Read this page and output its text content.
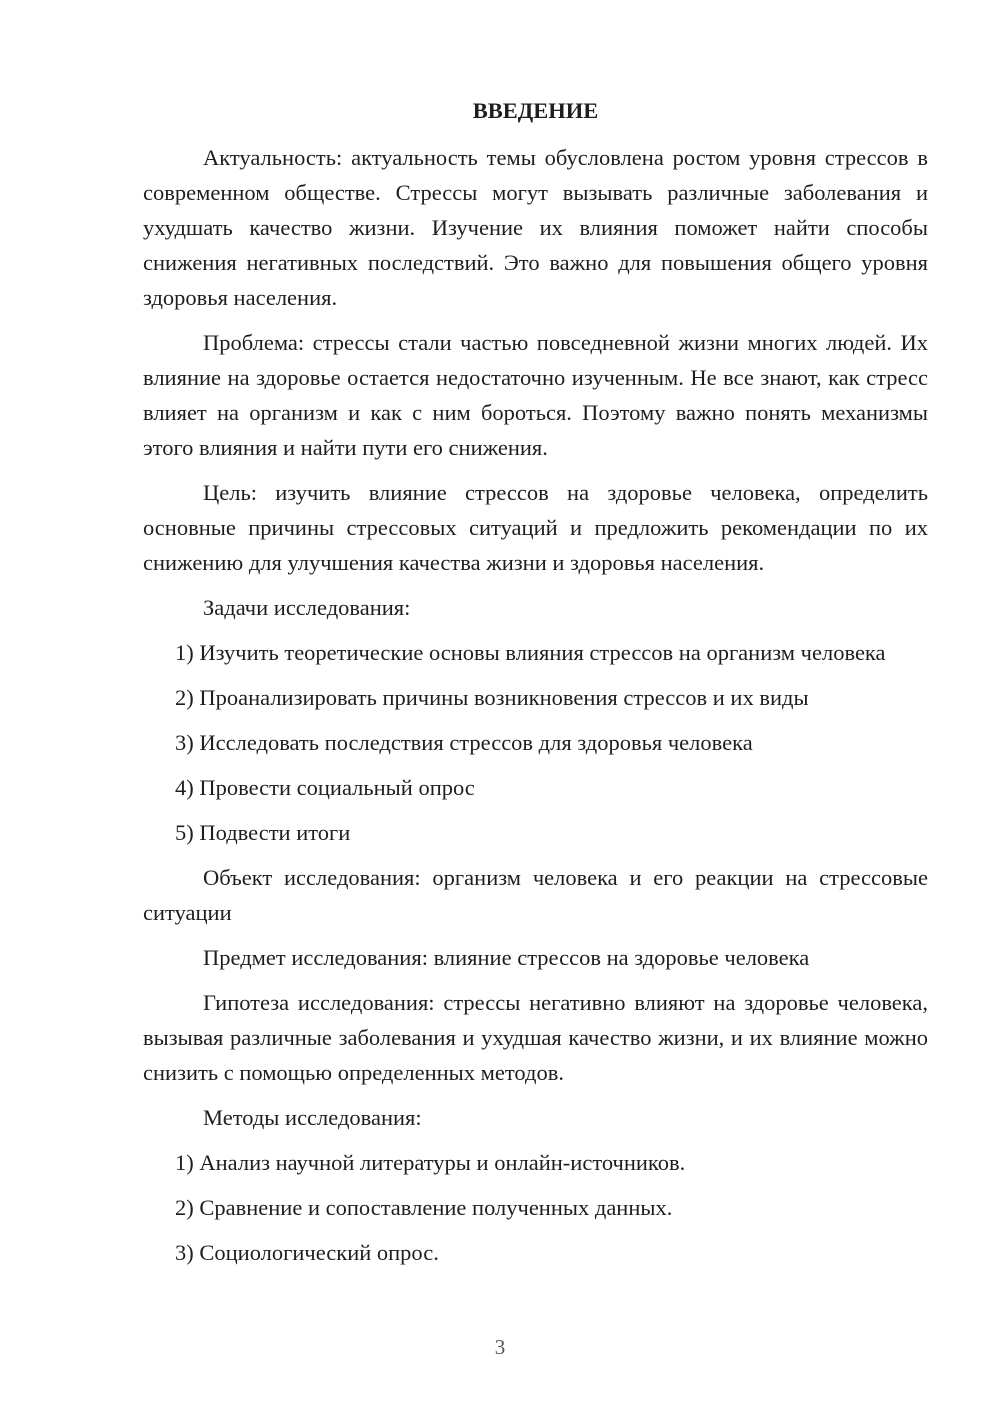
ВВЕДЕНИЕ

Актуальность: актуальность темы обусловлена ростом уровня стрессов в современном обществе. Стрессы могут вызывать различные заболевания и ухудшать качество жизни. Изучение их влияния поможет найти способы снижения негативных последствий. Это важно для повышения общего уровня здоровья населения.

Проблема: стрессы стали частью повседневной жизни многих людей. Их влияние на здоровье остается недостаточно изученным. Не все знают, как стресс влияет на организм и как с ним бороться. Поэтому важно понять механизмы этого влияния и найти пути его снижения.

Цель: изучить влияние стрессов на здоровье человека, определить основные причины стрессовых ситуаций и предложить рекомендации по их снижению для улучшения качества жизни и здоровья населения.

Задачи исследования:

1) Изучить теоретические основы влияния стрессов на организм человека

2) Проанализировать причины возникновения стрессов и их виды

3) Исследовать последствия стрессов для здоровья человека

4) Провести социальный опрос

5) Подвести итоги

Объект исследования: организм человека и его реакции на стрессовые ситуации

Предмет исследования: влияние стрессов на здоровье человека

Гипотеза исследования: стрессы негативно влияют на здоровье человека, вызывая различные заболевания и ухудшая качество жизни, и их влияние можно снизить с помощью определенных методов.

Методы исследования:

1) Анализ научной литературы и онлайн-источников.

2) Сравнение и сопоставление полученных данных.

3) Социологический опрос.

3
